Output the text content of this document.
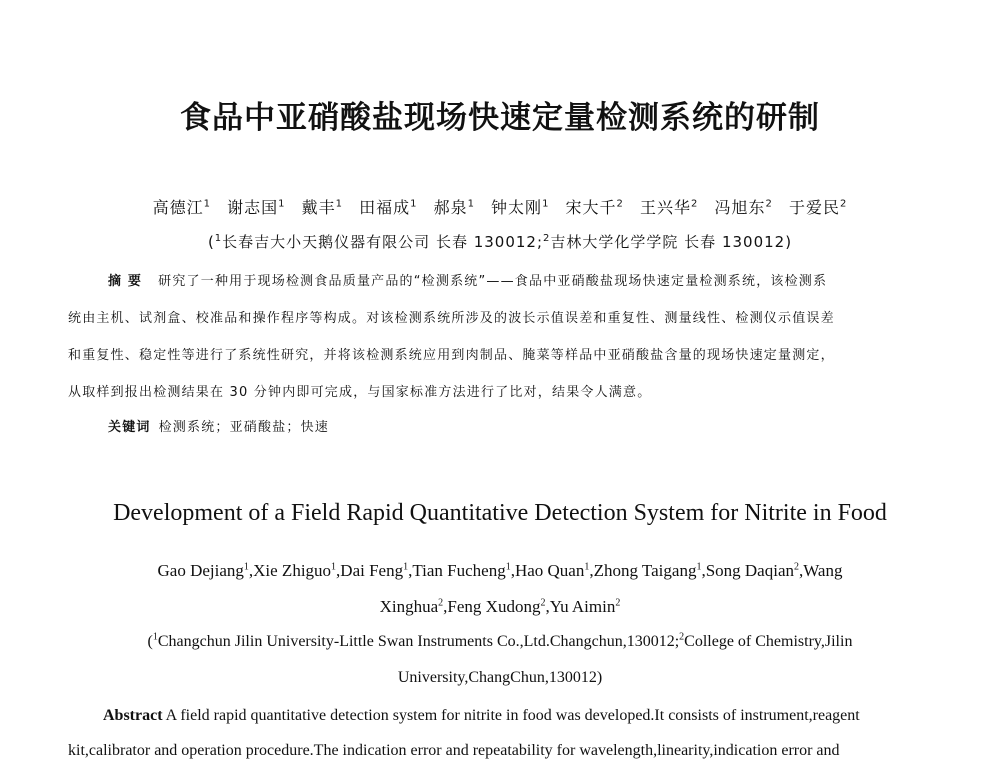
食品中亚硝酸盐现场快速定量检测系统的研制
高德江$^1$ 谢志国$^1$ 戴丰$^1$ 田福成$^1$ 郝泉$^1$ 钟太刚$^1$ 宋大千$^2$ 王兴华$^2$ 冯旭东$^2$ 于爱民$^2$
($^1$长春吉大小天鹅仪器有限公司 长春 130012;$^2$吉林大学化学学院 长春 130012)
摘 要 研究了一种用于现场检测食品质量产品的“检测系统”——食品中亚硝酸盐现场快速定量检测系统，该检测系
统由主机、试剂盒、校准品和操作程序等构成。对该检测系统所涉及的波长示值误差和重复性、测量线性、检测仪示值误差
和重复性、稳定性等进行了系统性研究，并将该检测系统应用到肉制品、腌菜等样品中亚硝酸盐含量的现场快速定量测定，
从取样到报出检测结果在 30 分钟内即可完成，与国家标准方法进行了比对，结果令人满意。
关键词 检测系统；亚硝酸盐；快速
Development of a Field Rapid Quantitative Detection System for Nitrite in Food
Gao Dejiang$^1$,Xie Zhiguo$^1$,Dai Feng$^1$,Tian Fucheng$^1$,Hao Quan$^1$,Zhong Taigang$^1$,Song Daqian$^2$,Wang
Xinghua$^2$,Feng Xudong$^2$,Yu Aimin$^2$
($^1$Changchun Jilin University-Little Swan Instruments Co.,Ltd.Changchun,130012;$^2$College of Chemistry,Jilin
University,ChangChun,130012)
Abstract A field rapid quantitative detection system for nitrite in food was developed.It consists of instrument,reagent
kit,calibrator and operation procedure.The indication error and repeatability for wavelength,linearity,indication error and
